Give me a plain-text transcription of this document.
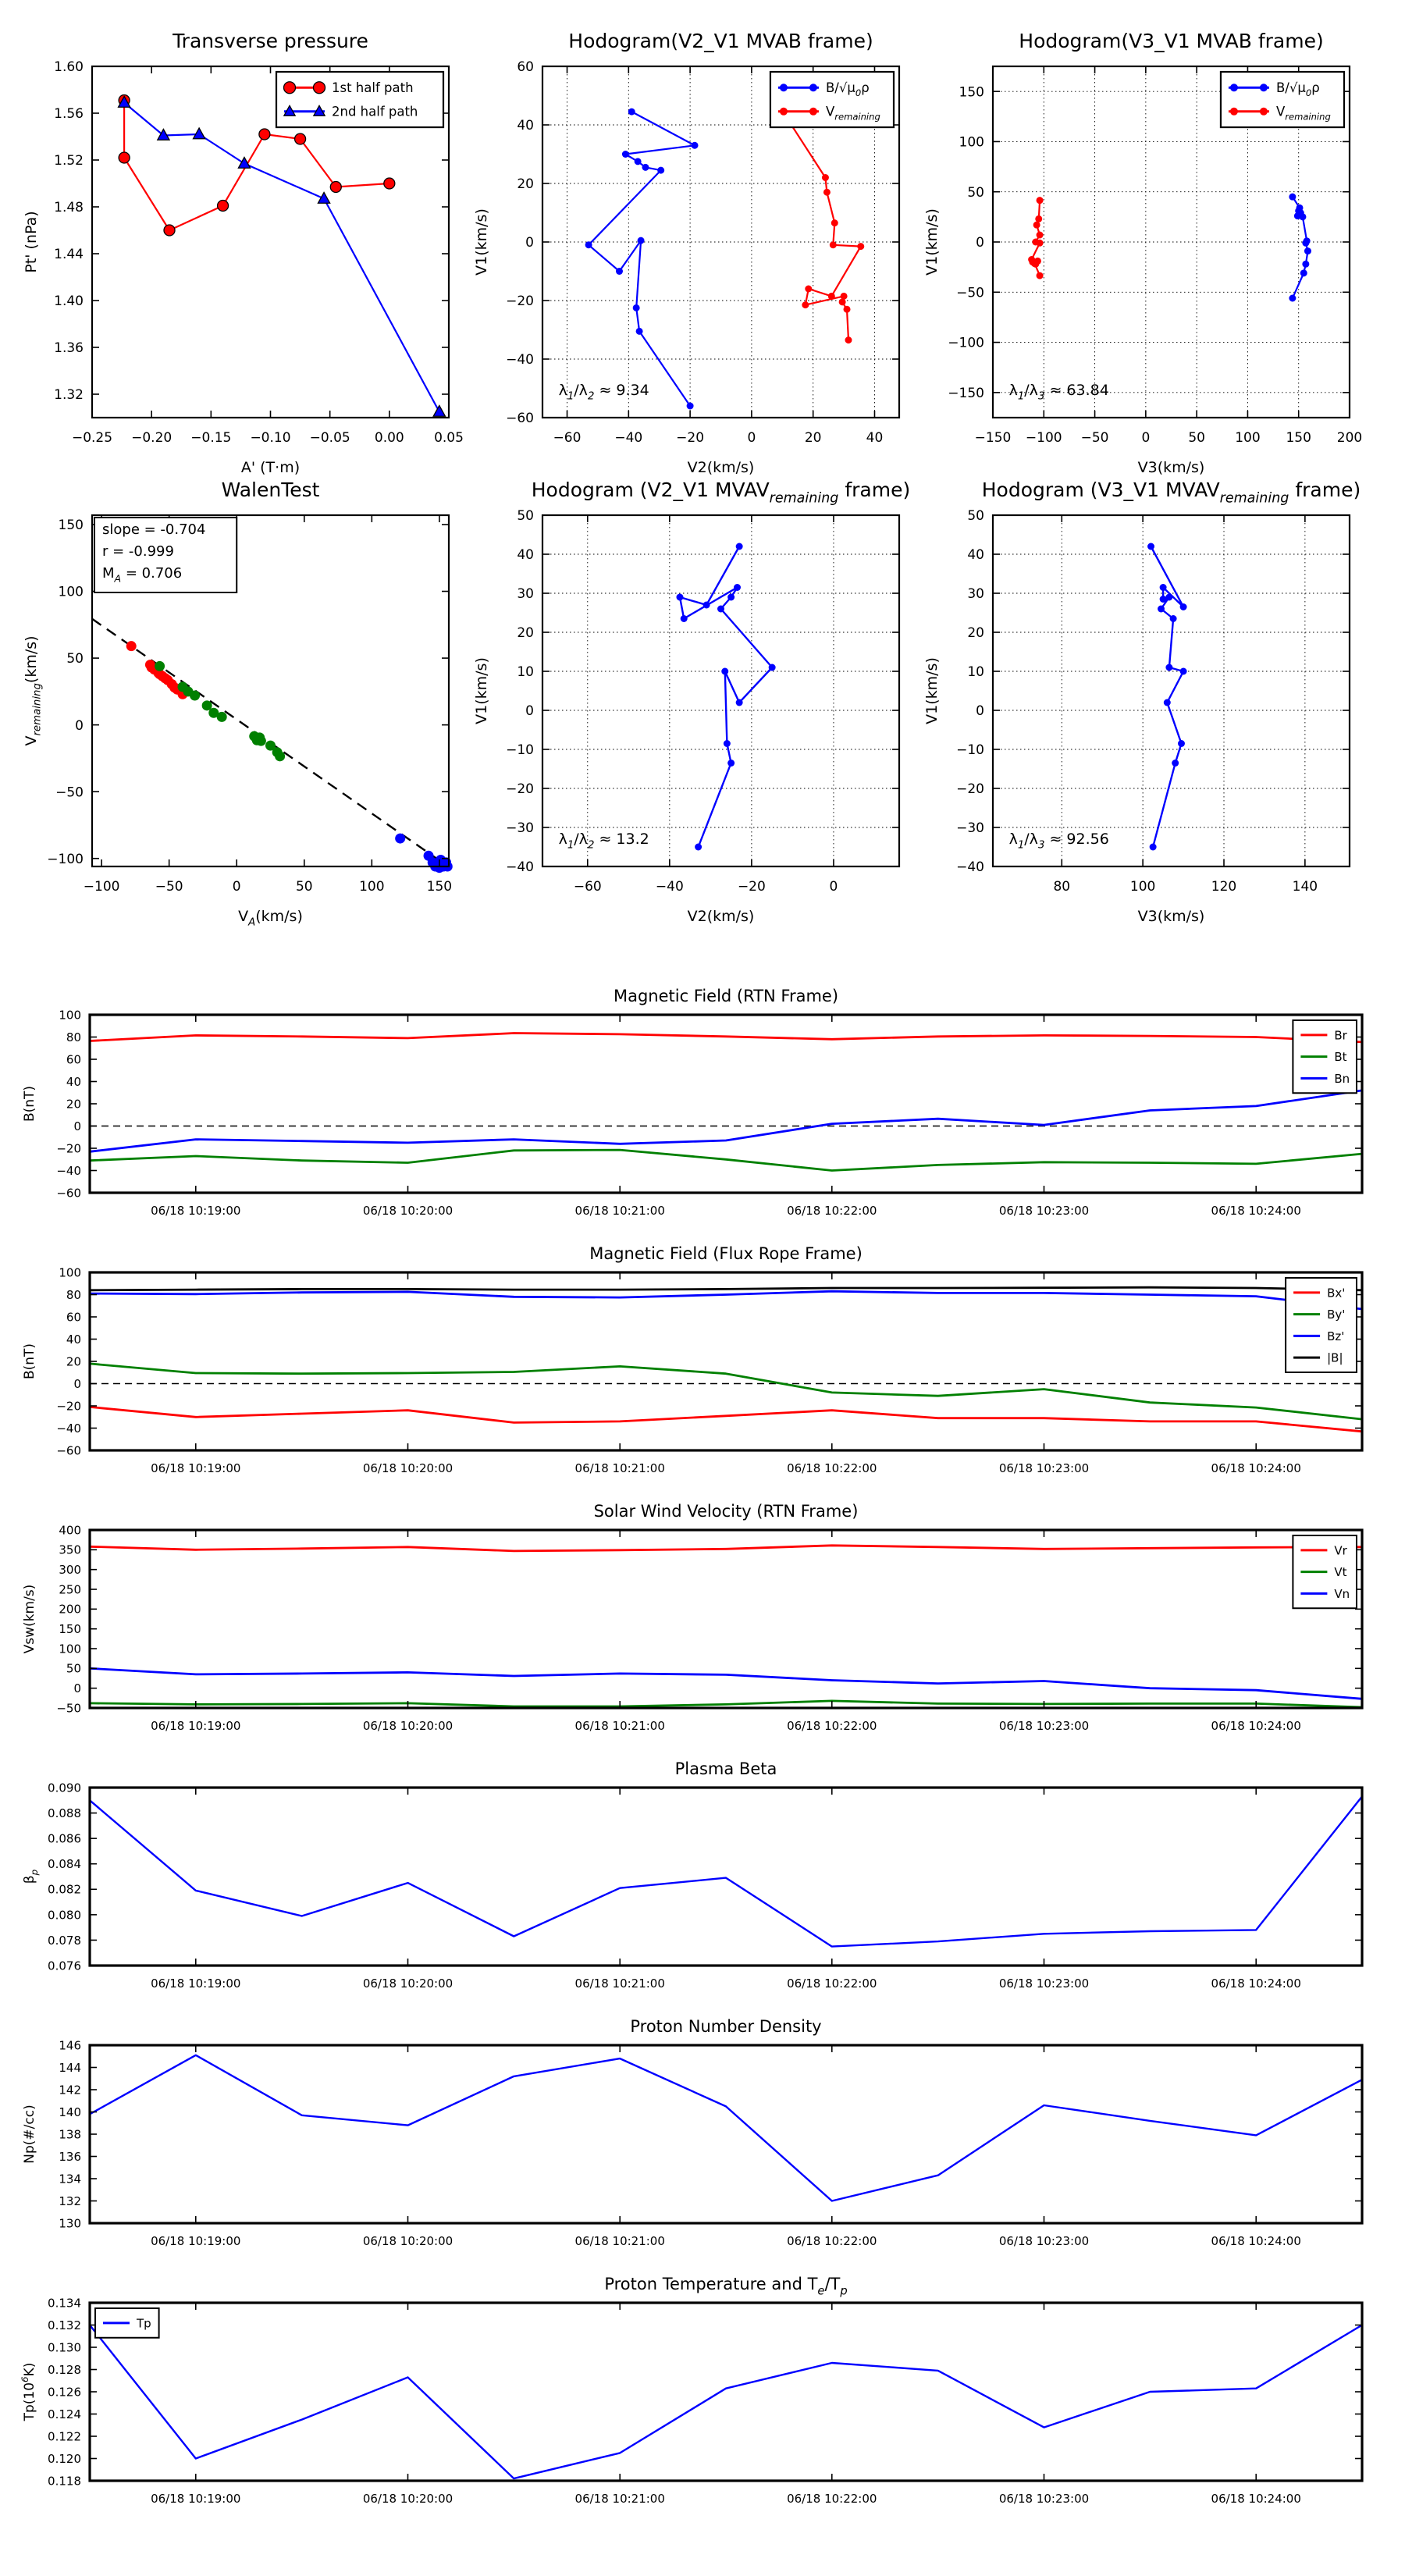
−0.25 −0.20 −0.15 −0.10 −0.05 0.00 0.05
1.32
1.36
1.40
1.44
1.48
1.52
1.56
1.60
Transverse pressure
A' (T·m)
Pt' (nPa)
1st half path
2nd half path
−60	−40	−20	0	20	40
−60
−40
−20
0
20
40
60
Hodogram(V2_V1 MVAB frame)
V2(km/s)
V1(km/s)
$\lambda_1/\lambda_2 \approx 9.34$
$B/√\mu_0\rho$
$V_{remaining}$
−150 −100 −50 0	50 100 150 200
−150
−100
−50
0
50
100
150
Hodogram(V3_V1 MVAB frame)
V3(km/s)
V1(km/s)
$\lambda_1/\lambda_3 \approx 63.84$
$B/√\mu_0\rho$
$V_{remaining}$
−100	−50	0	50	100	150
−100
−50
0
50
100
150
WalenTest
$V_A(km/s)$
$V_{remaining}(km/s)$
slope = -0.704
r = -0.999
$M_A = 0.706$
−60	−40	−20	0
−40
−30
−20
−10
0
10
20
30
40
50
Hodogram (V2_V1 $MVAV_{remaining}$ frame)
V2(km/s)
V1(km/s)
$\lambda_1/\lambda_2 \approx 13.2$
80	100	120	140
−40
−30
−20
−10
0
10
20
30
40
50
Hodogram (V3_V1 $MVAV_{remaining}$ frame)
V3(km/s)
V1(km/s)
$\lambda_1/\lambda_3 \approx 92.56$
06/18 10:19:00	06/18 10:20:00	06/18 10:21:00	06/18 10:22:00	06/18 10:23:00	06/18 10:24:00
−60
−40
−20
0
20
40
60
80
100
Magnetic Field (RTN Frame)
B(nT)
Br
Bt
Bn
06/18 10:19:00	06/18 10:20:00	06/18 10:21:00	06/18 10:22:00	06/18 10:23:00	06/18 10:24:00
−60
−40
−20
0
20
40
60
80
100
Magnetic Field (Flux Rope Frame)
B(nT)
Bx'
By'
Bz'
|B|
06/18 10:19:00	06/18 10:20:00	06/18 10:21:00	06/18 10:22:00	06/18 10:23:00	06/18 10:24:00
−50
0
50
100
150
200
250
300
350
400
Solar Wind Velocity (RTN Frame)
Vsw(km/s)
Vr
Vt
Vn
06/18 10:19:00	06/18 10:20:00	06/18 10:21:00	06/18 10:22:00	06/18 10:23:00	06/18 10:24:00
0.076
0.078
0.080
0.082
0.084
0.086
0.088
0.090
Plasma Beta
$\beta_p$
06/18 10:19:00	06/18 10:20:00	06/18 10:21:00	06/18 10:22:00	06/18 10:23:00	06/18 10:24:00
130
132
134
136
138
140
142
144
146
Proton Number Density
Np(#/cc)
06/18 10:19:00	06/18 10:20:00	06/18 10:21:00	06/18 10:22:00	06/18 10:23:00	06/18 10:24:00
0.118
0.120
0.122
0.124
0.126
0.128
0.130
0.132
0.134
Proton Temperature and $T_e/T_p$
$Tp(10^6K)$
Tp
